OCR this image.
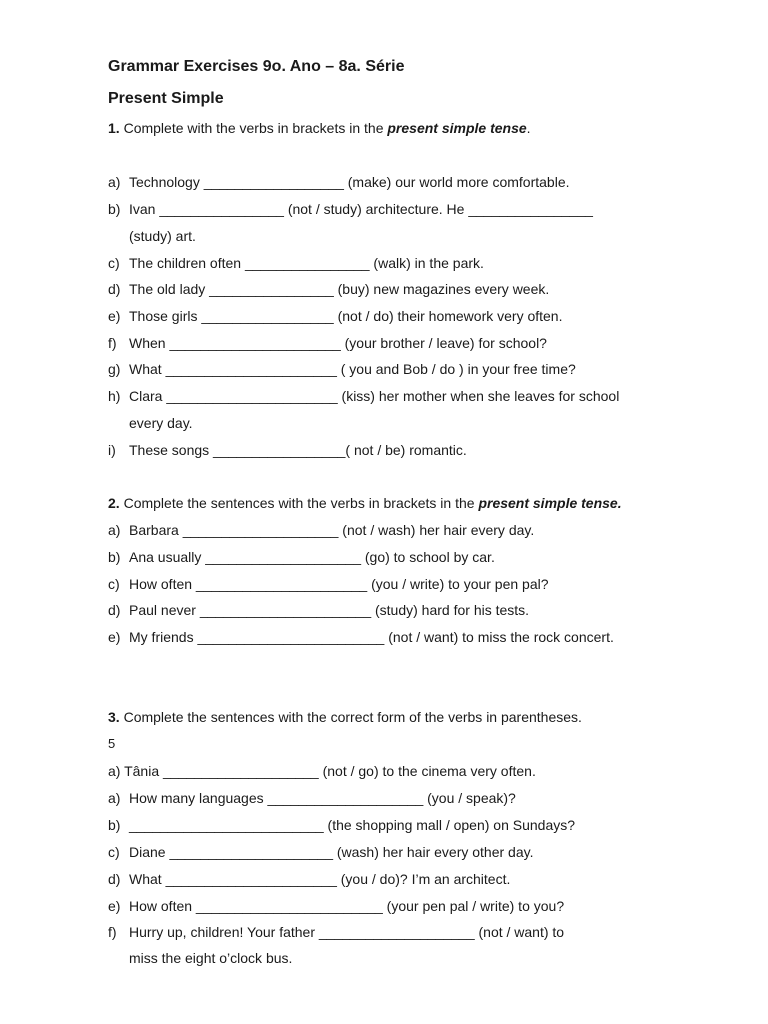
Grammar Exercises 9o. Ano – 8a. Série
Present Simple
1. Complete with the verbs in brackets in the present simple tense.
a) Technology __________________ (make) our world more comfortable.
b) Ivan ________________ (not / study) architecture. He ________________
(study) art.
c) The children often ________________ (walk) in the park.
d) The old lady ________________ (buy) new magazines every week.
e) Those girls _________________ (not / do) their homework very often.
f) When ______________________ (your brother / leave) for school?
g) What ______________________ ( you and Bob / do ) in your free time?
h) Clara ______________________ (kiss) her mother when she leaves for school
every day.
i) These songs _________________( not / be) romantic.
2. Complete the sentences with the verbs in brackets in the present simple tense.
a) Barbara ____________________ (not / wash) her hair every day.
b) Ana usually ____________________ (go) to school by car.
c) How often ______________________ (you / write) to your pen pal?
d) Paul never ______________________ (study) hard for his tests.
e) My friends ________________________ (not / want) to miss the rock concert.
3. Complete the sentences with the correct form of the verbs in parentheses.
5
a) Tânia ____________________ (not / go) to the cinema very often.
a) How many languages ____________________ (you / speak)?
b) _________________________ (the shopping mall / open) on Sundays?
c) Diane _____________________ (wash) her hair every other day.
d) What ______________________ (you / do)? I’m an architect.
e) How often ________________________ (your pen pal / write) to you?
f) Hurry up, children! Your father ____________________ (not / want) to
miss the eight o’clock bus.
